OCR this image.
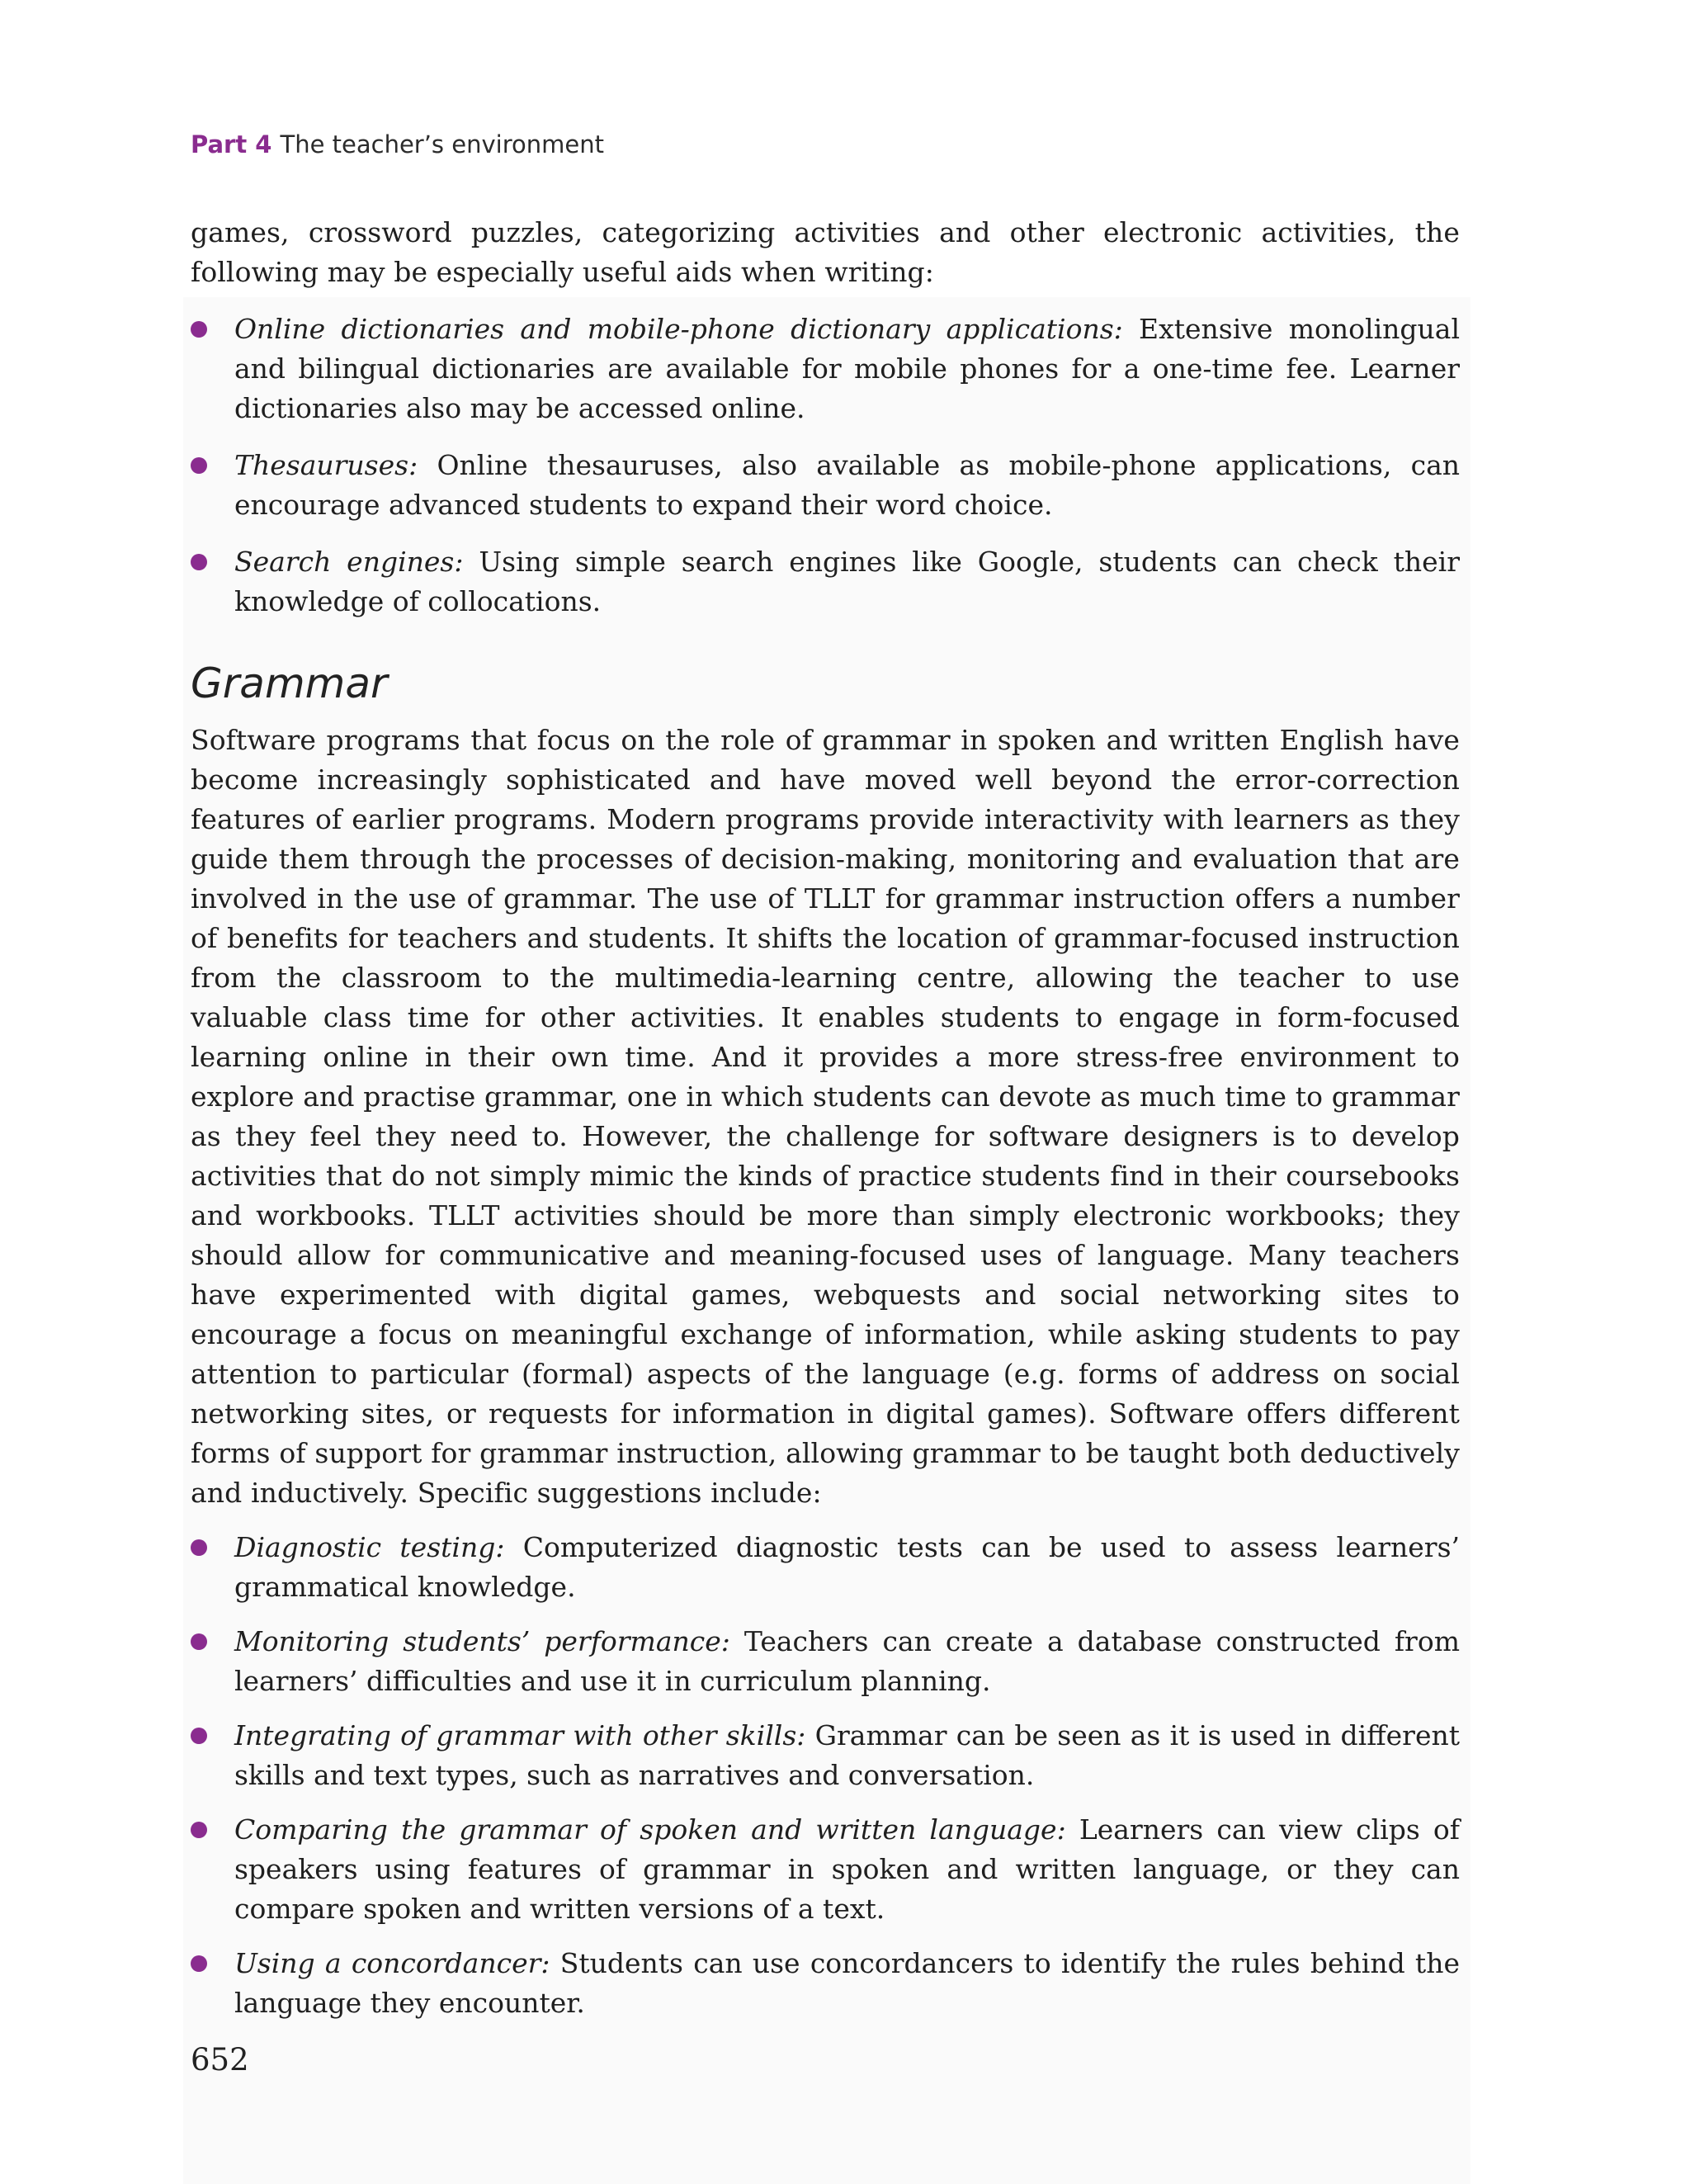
Part 4 The teacher’s environment

games, crossword puzzles, categorizing activities and other electronic activities, the following may be especially useful aids when writing:

Online dictionaries and mobile-phone dictionary applications: Extensive monolingual and bilingual dictionaries are available for mobile phones for a one-time fee. Learner dictionaries also may be accessed online.
Thesauruses: Online thesauruses, also available as mobile-phone applications, can encourage advanced students to expand their word choice.
Search engines: Using simple search engines like Google, students can check their knowledge of collocations.
Grammar

Software programs that focus on the role of grammar in spoken and written English have become increasingly sophisticated and have moved well beyond the error-correction features of earlier programs. Modern programs provide interactivity with learners as they guide them through the processes of decision-making, monitoring and evaluation that are involved in the use of grammar. The use of TLLT for grammar instruction offers a number of benefits for teachers and students. It shifts the location of grammar-focused instruction from the classroom to the multimedia-learning centre, allowing the teacher to use valuable class time for other activities. It enables students to engage in form-focused learning online in their own time. And it provides a more stress-free environment to explore and practise grammar, one in which students can devote as much time to grammar as they feel they need to. However, the challenge for software designers is to develop activities that do not simply mimic the kinds of practice students find in their coursebooks and workbooks. TLLT activities should be more than simply electronic workbooks; they should allow for communicative and meaning-focused uses of language. Many teachers have experimented with digital games, webquests and social networking sites to encourage a focus on meaningful exchange of information, while asking students to pay attention to particular (formal) aspects of the language (e.g. forms of address on social networking sites, or requests for information in digital games). Software offers different forms of support for grammar instruction, allowing grammar to be taught both deductively and inductively. Specific suggestions include:

Diagnostic testing: Computerized diagnostic tests can be used to assess learners’ grammatical knowledge.
Monitoring students’ performance: Teachers can create a database constructed from learners’ difficulties and use it in curriculum planning.
Integrating of grammar with other skills: Grammar can be seen as it is used in different skills and text types, such as narratives and conversation.
Comparing the grammar of spoken and written language: Learners can view clips of speakers using features of grammar in spoken and written language, or they can compare spoken and written versions of a text.
Using a concordancer: Students can use concordancers to identify the rules behind the language they encounter.
652
